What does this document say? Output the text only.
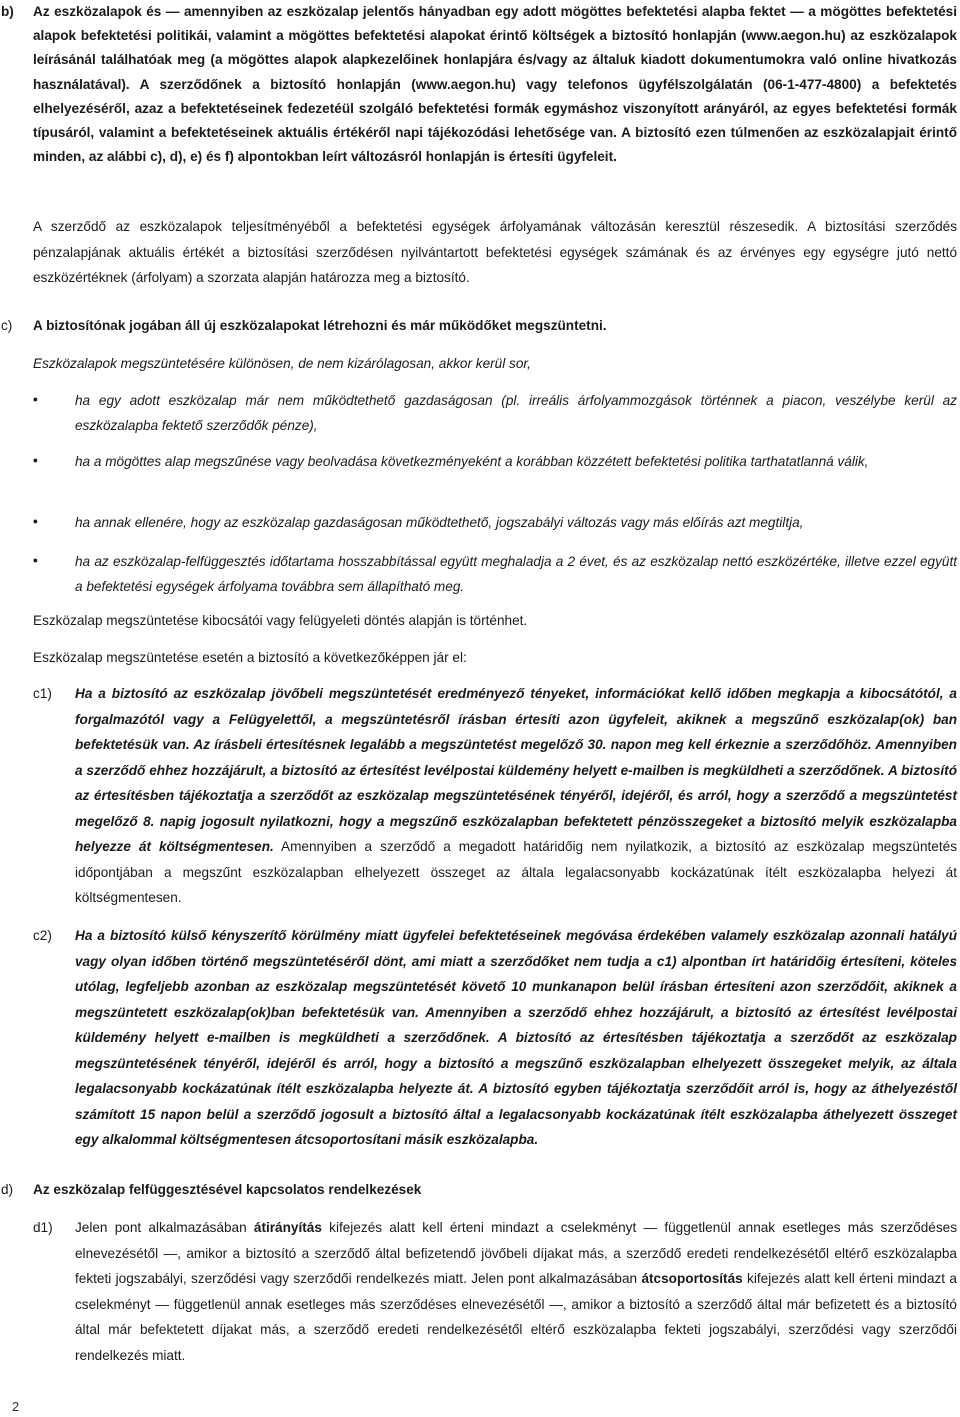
b) Az eszközalapok és — amennyiben az eszközalap jelentős hányadban egy adott mögöttes befektetési alapba fektet — a mögöttes befektetési alapok befektetési politikái, valamint a mögöttes befektetési alapokat érintő költségek a biztosító honlapján (www.aegon.hu) az eszközalapok leírásánál találhatóak meg (a mögöttes alapok alapkezelőinek honlapjára és/vagy az általuk kiadott dokumentumokra való online hivatkozás használatával). A szerződőnek a biztosító honlapján (www.aegon.hu) vagy telefonos ügyfélszolgálatán (06-1-477-4800) a befektetés elhelyezéséről, azaz a befektetéseinek fedezetéül szolgáló befektetési formák egymáshoz viszonyított arányáról, az egyes befektetési formák típusáról, valamint a befektetéseinek aktuális értékéről napi tájékozódási lehetősége van. A biztosító ezen túlmenően az eszközalapjait érintő minden, az alábbi c), d), e) és f) alpontokban leírt változásról honlapján is értesíti ügyfeleit.

A szerződő az eszközalapok teljesítményéből a befektetési egységek árfolyamának változásán keresztül részesedik. A biztosítási szerződés pénzalapjának aktuális értékét a biztosítási szerződésen nyilvántartott befektetési egységek számának és az érvényes egy egységre jutó nettó eszközértéknek (árfolyam) a szorzata alapján határozza meg a biztosító.

c) A biztosítónak jogában áll új eszközalapokat létrehozni és már működőket megszüntetni.

Eszközalapok megszüntetésére különösen, de nem kizárólagosan, akkor kerül sor,

•	ha egy adott eszközalap már nem működtethető gazdaságosan (pl. irreális árfolyammozgások történnek a piacon, veszélybe kerül az eszközalapba fektető szerződők pénze),

•	ha a mögöttes alap megszűnése vagy beolvadása következményeként a korábban közzétett befektetési politika tarthatatlanná válik,

•	ha annak ellenére, hogy az eszközalap gazdaságosan működtethető, jogszabályi változás vagy más előírás azt megtiltja,

•	ha az eszközalap-felfüggesztés időtartama hosszabbítással együtt meghaladja a 2 évet, és az eszközalap nettó eszközértéke, illetve ezzel együtt a befektetési egységek árfolyama továbbra sem állapítható meg.

Eszközalap megszüntetése kibocsátói vagy felügyeleti döntés alapján is történhet.

Eszközalap megszüntetése esetén a biztosító a következőképpen jár el:

c1) Ha a biztosító az eszközalap jövőbeli megszüntetését eredményező tényeket, információkat kellő időben megkapja a kibocsátótól, a forgalmazótól vagy a Felügyelettől, a megszüntetésről írásban értesíti azon ügyfeleit, akiknek a megszűnő eszközalap(ok) ban befektetésük van. Az írásbeli értesítésnek legalább a megszüntetést megelőző 30. napon meg kell érkeznie a szerződőhöz. Amennyiben a szerződő ehhez hozzájárult, a biztosító az értesítést levélpostai küldemény helyett e-mailben is megküldheti a szerződőnek. A biztosító az értesítésben tájékoztatja a szerződőt az eszközalap megszüntetésének tényéről, idejéről, és arról, hogy a szerződő a megszüntetést megelőző 8. napig jogosult nyilatkozni, hogy a megszűnő eszközalapban befektetett pénzösszegeket a biztosító melyik eszközalapba helyezze át költségmentesen. Amennyiben a szerződő a megadott határidőig nem nyilatkozik, a biztosító az eszközalap megszüntetés időpontjában a megszűnt eszközalapban elhelyezett összeget az általa legalacsonyabb kockázatúnak ítélt eszközalapba helyezi át költségmentesen.

c2) Ha a biztosító külső kényszerítő körülmény miatt ügyfelei befektetéseinek megóvása érdekében valamely eszközalap azonnali hatályú vagy olyan időben történő megszüntetéséről dönt, ami miatt a szerződőket nem tudja a c1) alpontban írt határidőig értesíteni, köteles utólag, legfeljebb azonban az eszközalap megszüntetését követő 10 munkanapon belül írásban értesíteni azon szerződőit, akiknek a megszüntetett eszközalap(ok)ban befektetésük van. Amennyiben a szerződő ehhez hozzájárult, a biztosító az értesítést levélpostai küldemény helyett e-mailben is megküldheti a szerződőnek. A biztosító az értesítésben tájékoztatja a szerződőt az eszközalap megszüntetésének tényéről, idejéről és arról, hogy a biztosító a megszűnő eszközalapban elhelyezett összegeket melyik, az általa legalacsonyabb kockázatúnak ítélt eszközalapba helyezte át. A biztosító egyben tájékoztatja szerződőit arról is, hogy az áthelyezéstől számított 15 napon belül a szerződő jogosult a biztosító által a legalacsonyabb kockázatúnak ítélt eszközalapba áthelyezett összeget egy alkalommal költségmentesen átcsoportosítani másik eszközalapba.

d) Az eszközalap felfüggesztésével kapcsolatos rendelkezések

d1) Jelen pont alkalmazásában átirányítás kifejezés alatt kell érteni mindazt a cselekményt — függetlenül annak esetleges más szerződéses elnevezésétől —, amikor a biztosító a szerződő által befizetendő jövőbeli díjakat más, a szerződő eredeti rendelkezésétől eltérő eszközalapba fekteti jogszabályi, szerződési vagy szerződői rendelkezés miatt. Jelen pont alkalmazásában átcsoportosítás kifejezés alatt kell érteni mindazt a cselekményt — függetlenül annak esetleges más szerződéses elnevezésétől —, amikor a biztosító a szerződő által már befizetett és a biztosító által már befektetett díjakat más, a szerződő eredeti rendelkezésétől eltérő eszközalapba fekteti jogszabályi, szerződési vagy szerződői rendelkezés miatt.

2
